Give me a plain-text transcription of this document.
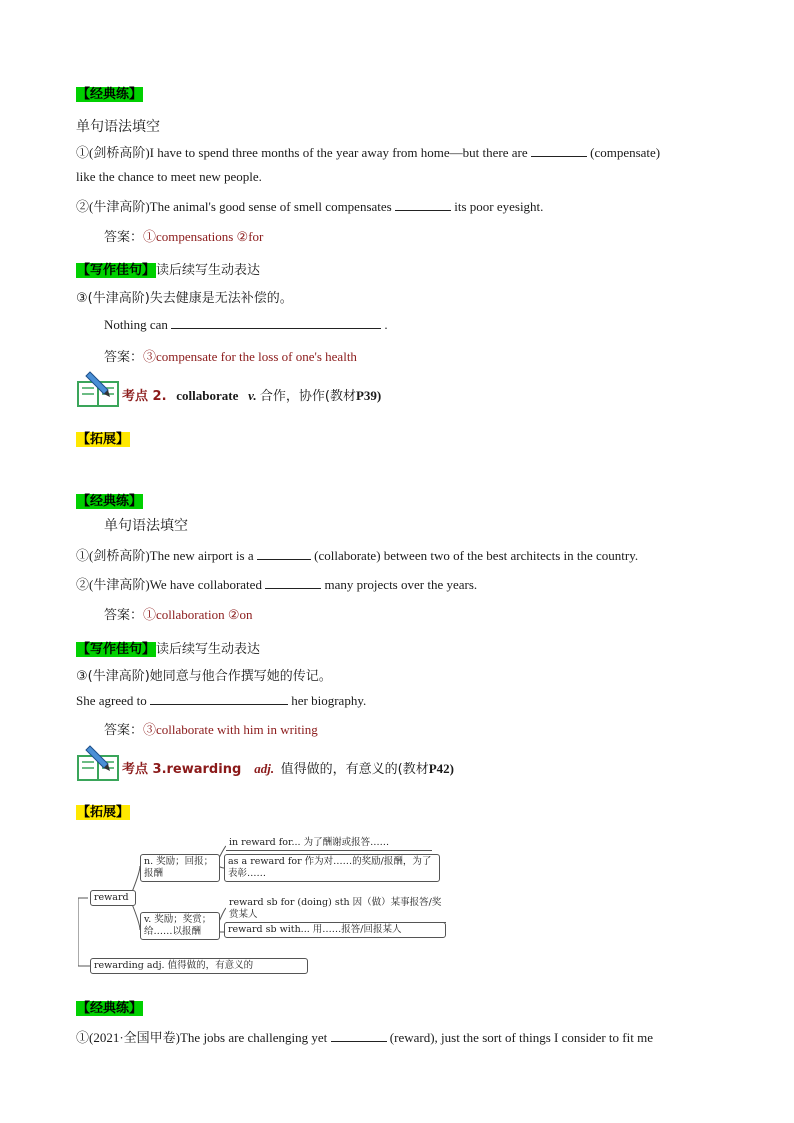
【经典练】
单句语法填空
①(剑桥高阶)I have to spend three months of the year away from home—but there are	(compensate)
like the chance to meet new people.
②(牛津高阶)The animal's good sense of smell compensates	its poor eyesight.
答案：①compensations ②for
【写作佳句】读后续写生动表达
③(牛津高阶)失去健康是无法补偿的。
Nothing can	.
答案：③compensate for the loss of one's health
考点 2. collaborate v. 合作，协作(教材P39)
【拓展】
【经典练】
单句语法填空
①(剑桥高阶)The new airport is a	(collaborate) between two of the best architects in the country.
②(牛津高阶)We have collaborated	many projects over the years.
答案：①collaboration ②on
【写作佳句】读后续写生动表达
③(牛津高阶)她同意与他合作撰写她的传记。
She agreed to	her biography.
答案：③collaborate with him in writing
考点 3.rewarding adj. 值得做的，有意义的(教材P42)
【拓展】
reward
n. 奖励；回报；报酬
in reward for... 为了酬谢或报答……
as a reward for 作为对……的奖励/报酬，为了表彰……
v. 奖励；奖赏；给……以报酬
reward sb for (doing) sth 因（做）某事报答/奖赏某人
reward sb with... 用……报答/回报某人
rewarding adj. 值得做的，有意义的
【经典练】
①(2021·全国甲卷)The jobs are challenging yet	(reward), just the sort of things I consider to fit me
